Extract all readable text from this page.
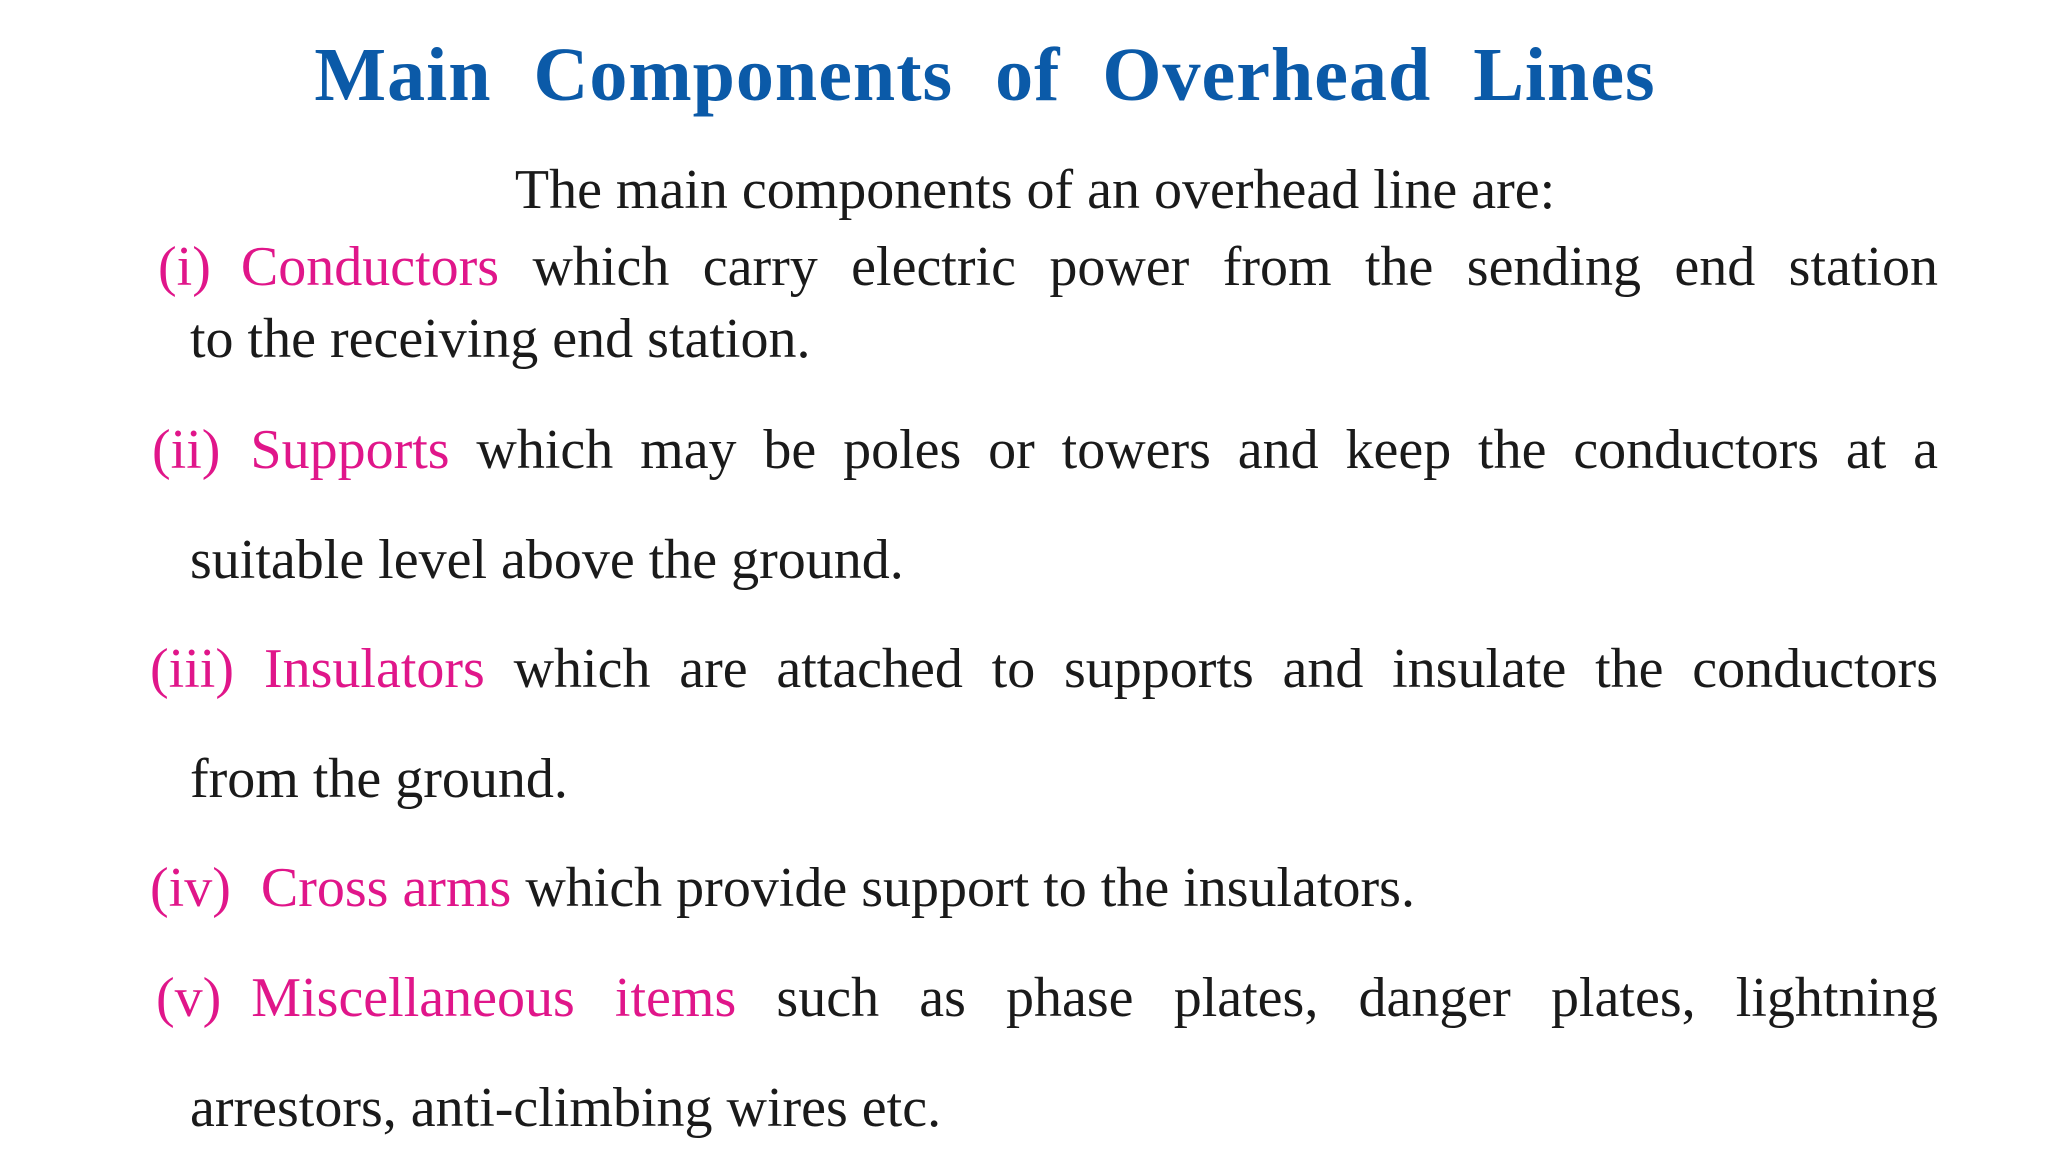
Main Components of Overhead Lines

The main components of an overhead line are:

(i) Conductors which carry electric power from the sending end station

to the receiving end station.

(ii) Supports which may be poles or towers and keep the conductors at a

suitable level above the ground.

(iii) Insulators which are attached to supports and insulate the conductors

from the ground.

(iv) Cross arms which provide support to the insulators.

(v) Miscellaneous items such as phase plates, danger plates, lightning

arrestors, anti-climbing wires etc.
